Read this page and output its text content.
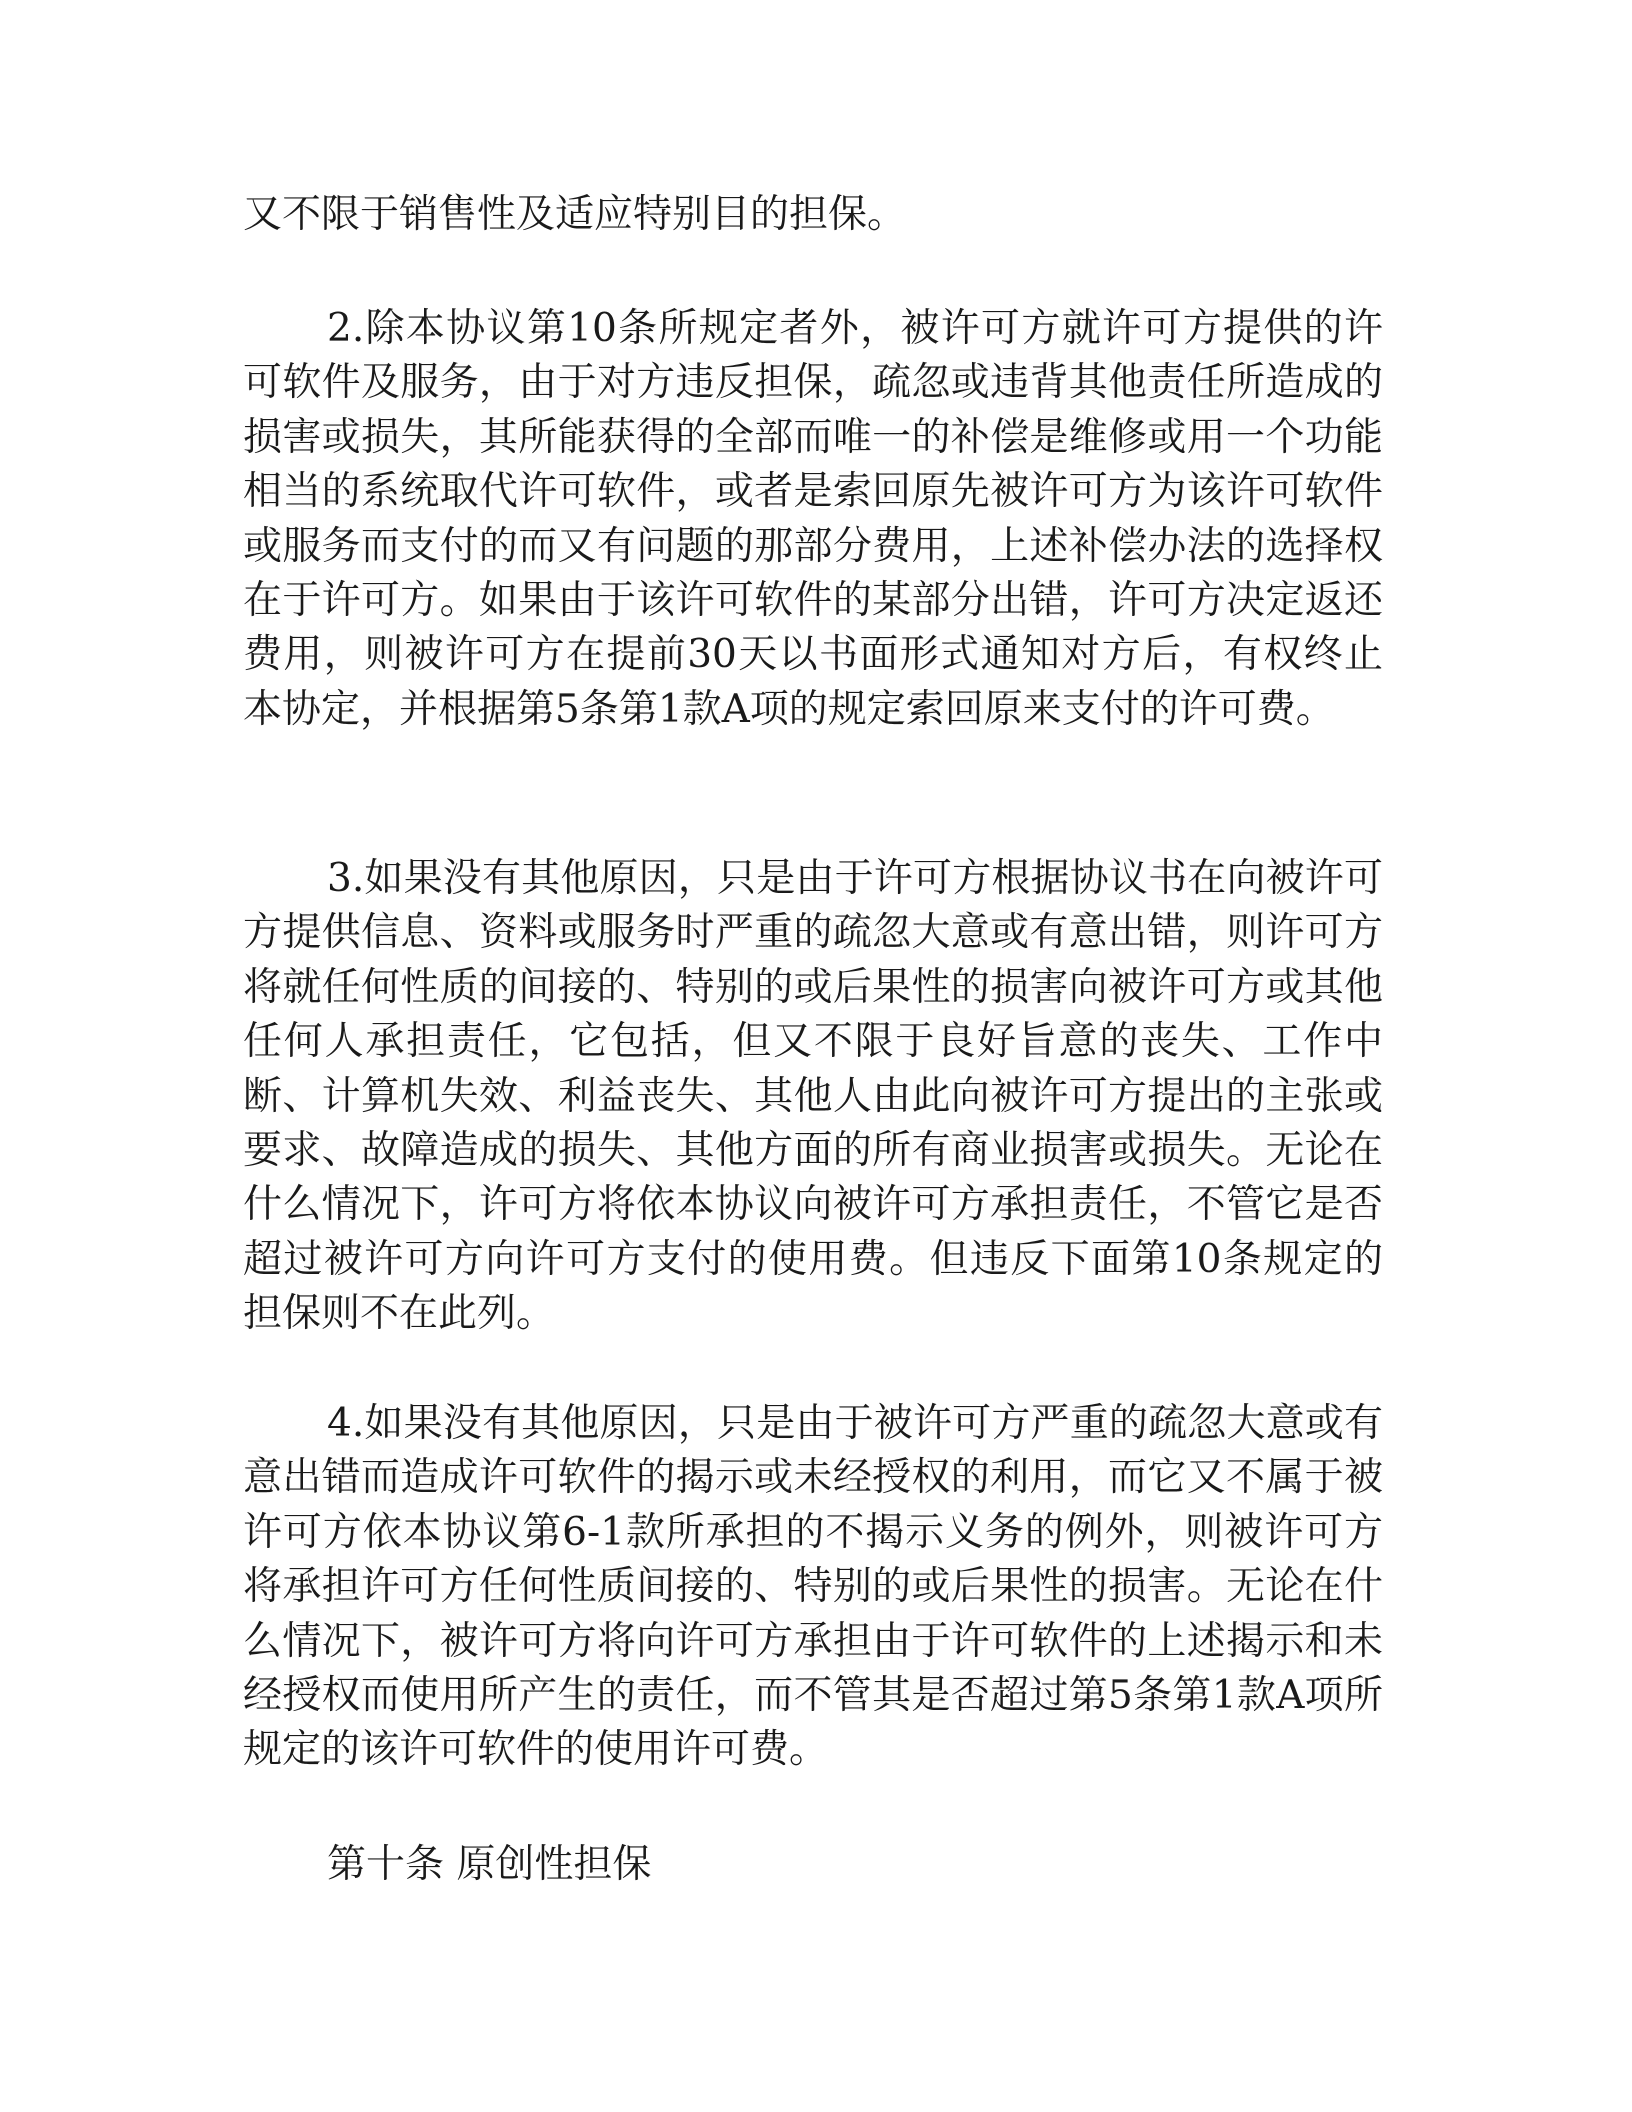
又不限于销售性及适应特别目的担保。

2.除本协议第10条所规定者外，被许可方就许可方提供的许可软件及服务，由于对方违反担保，疏忽或违背其他责任所造成的损害或损失，其所能获得的全部而唯一的补偿是维修或用一个功能相当的系统取代许可软件，或者是索回原先被许可方为该许可软件或服务而支付的而又有问题的那部分费用，上述补偿办法的选择权在于许可方。如果由于该许可软件的某部分出错，许可方决定返还费用，则被许可方在提前30天以书面形式通知对方后，有权终止本协定，并根据第5条第1款A项的规定索回原来支付的许可费。

3.如果没有其他原因，只是由于许可方根据协议书在向被许可方提供信息、资料或服务时严重的疏忽大意或有意出错，则许可方将就任何性质的间接的、特别的或后果性的损害向被许可方或其他任何人承担责任，它包括，但又不限于良好旨意的丧失、工作中断、计算机失效、利益丧失、其他人由此向被许可方提出的主张或要求、故障造成的损失、其他方面的所有商业损害或损失。无论在什么情况下，许可方将依本协议向被许可方承担责任，不管它是否超过被许可方向许可方支付的使用费。但违反下面第10条规定的担保则不在此列。

4.如果没有其他原因，只是由于被许可方严重的疏忽大意或有意出错而造成许可软件的揭示或未经授权的利用，而它又不属于被许可方依本协议第6-1款所承担的不揭示义务的例外，则被许可方将承担许可方任何性质间接的、特别的或后果性的损害。无论在什么情况下，被许可方将向许可方承担由于许可软件的上述揭示和未经授权而使用所产生的责任，而不管其是否超过第5条第1款A项所规定的该许可软件的使用许可费。

第十条 原创性担保
